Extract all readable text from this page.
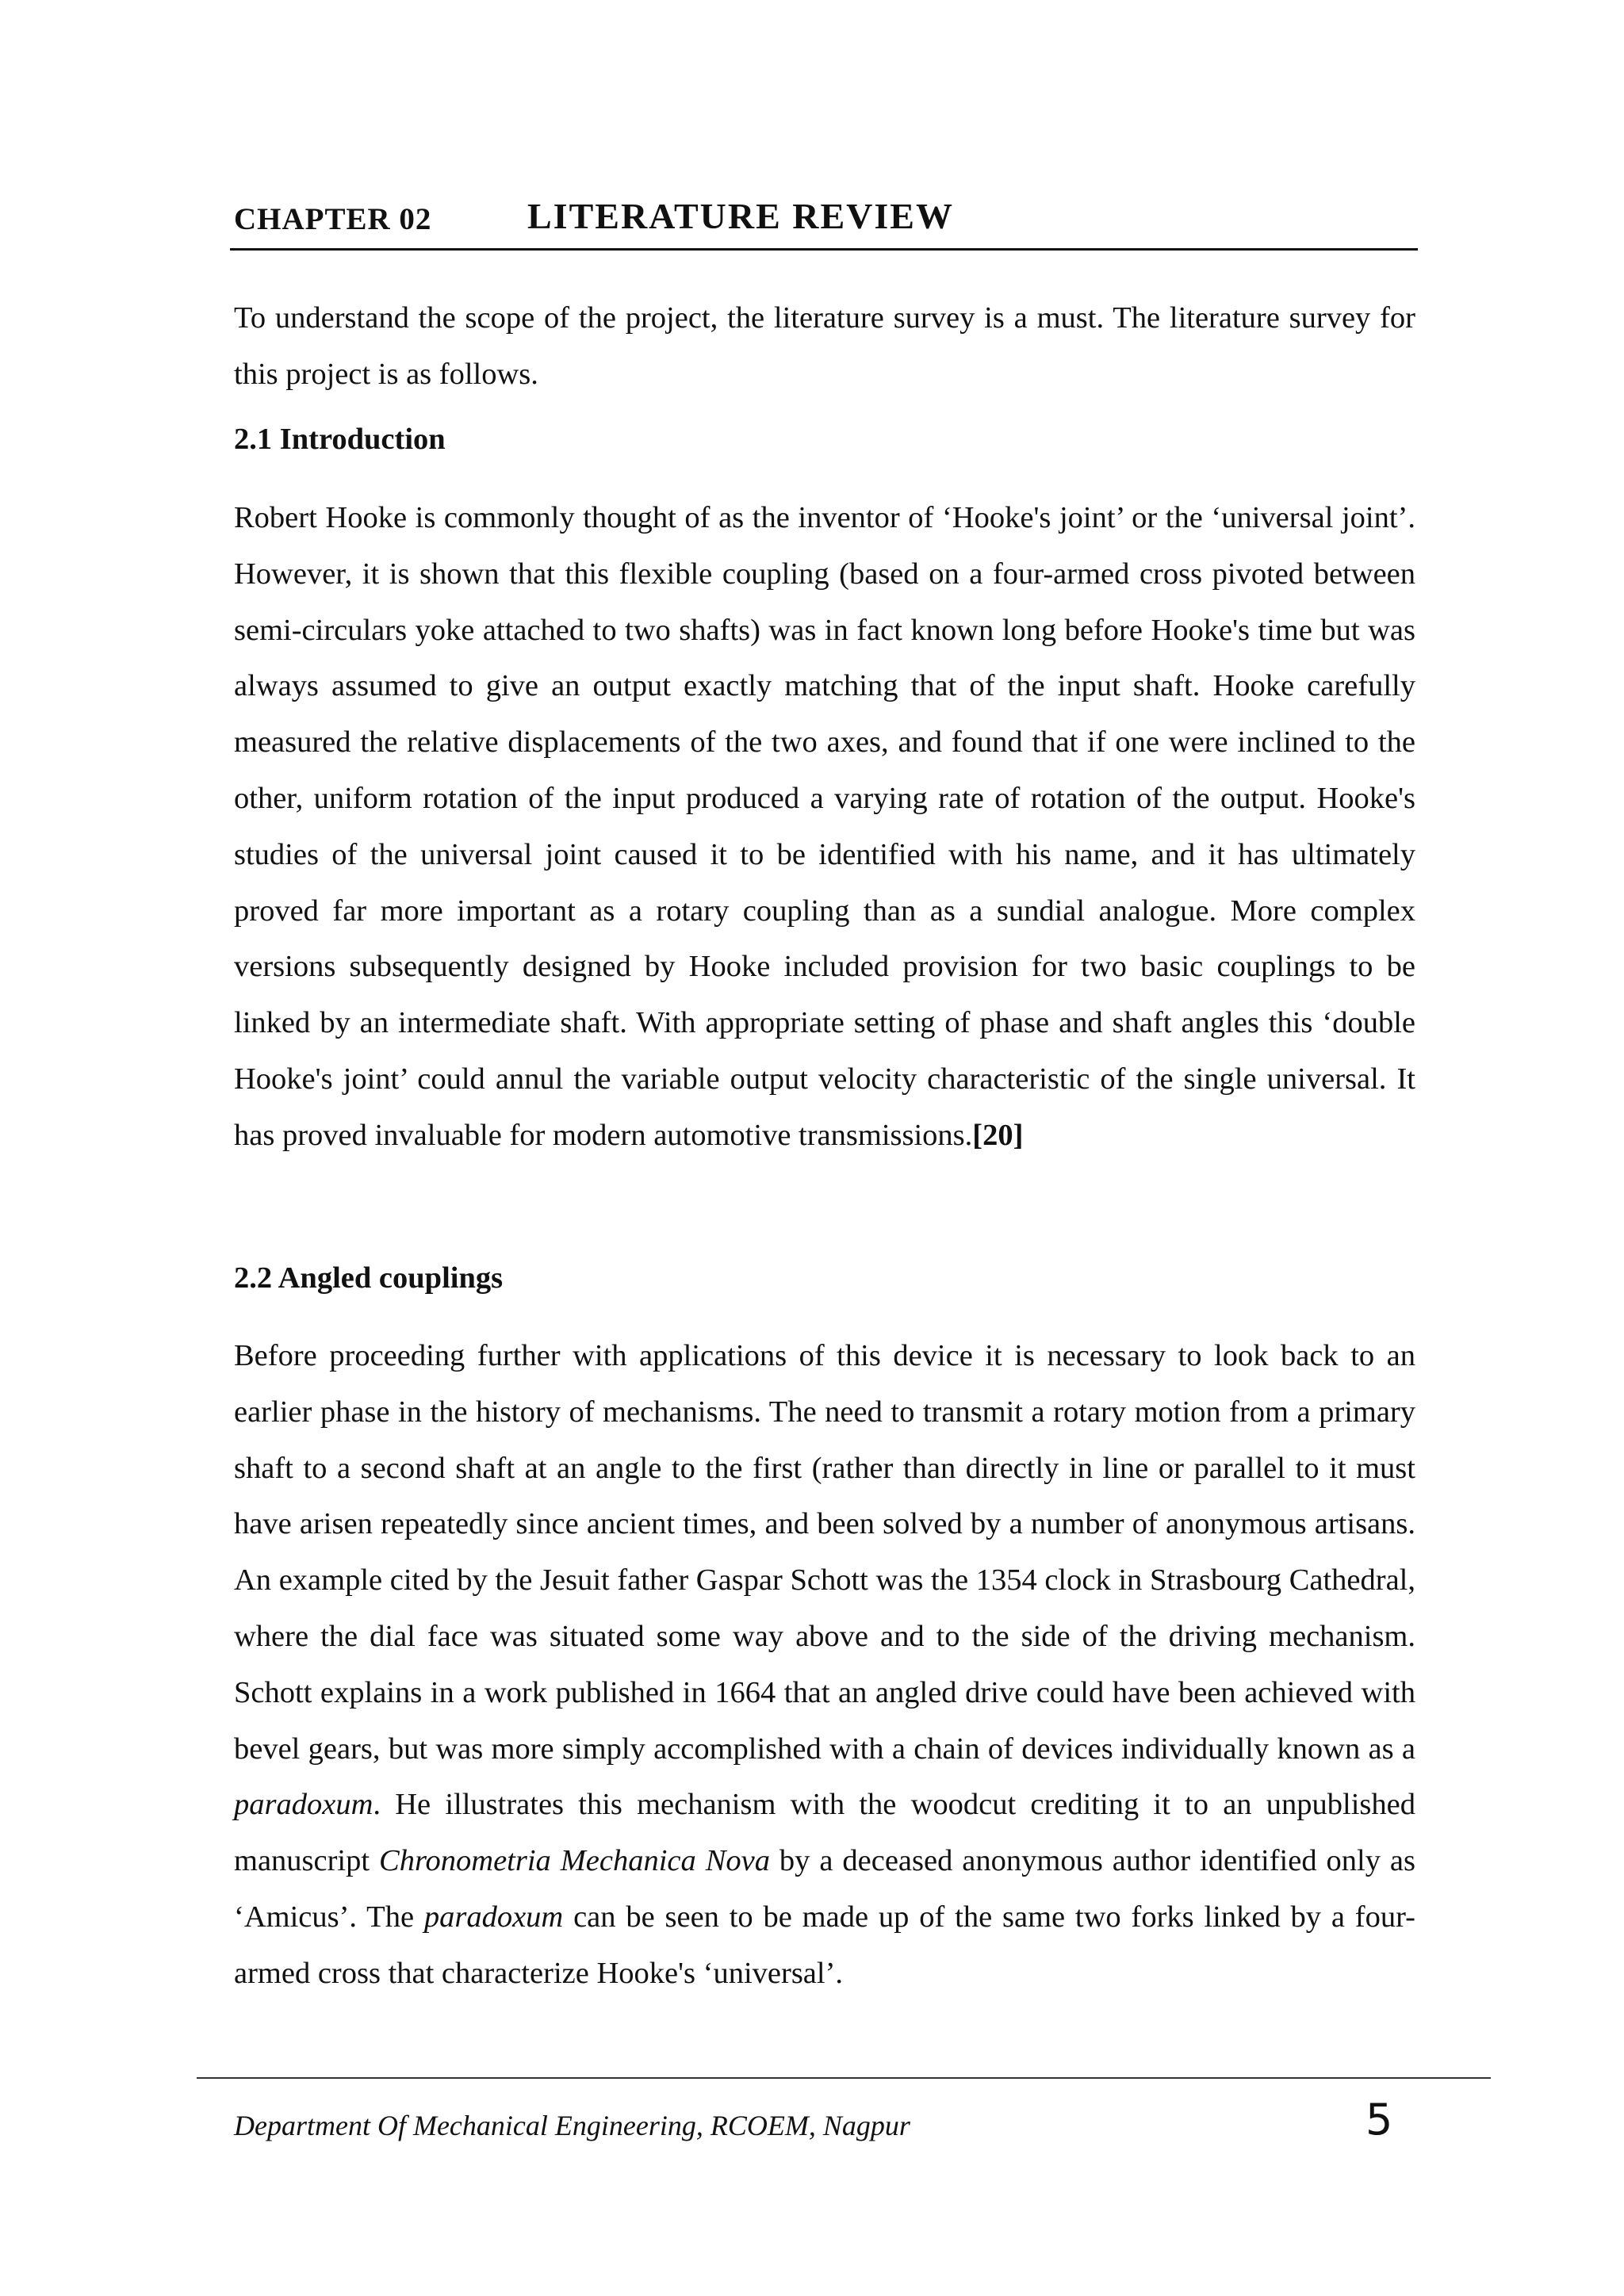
CHAPTER 02	LITERATURE REVIEW

To understand the scope of the project, the literature survey is a must. The literature survey for this project is as follows.

2.1 Introduction

Robert Hooke is commonly thought of as the inventor of ‘Hooke's joint’ or the ‘universal joint’. However, it is shown that this flexible coupling (based on a four-armed cross pivoted between semi-circulars yoke attached to two shafts) was in fact known long before Hooke's time but was always assumed to give an output exactly matching that of the input shaft. Hooke carefully measured the relative displacements of the two axes, and found that if one were inclined to the other, uniform rotation of the input produced a varying rate of rotation of the output. Hooke's studies of the universal joint caused it to be identified with his name, and it has ultimately proved far more important as a rotary coupling than as a sundial analogue. More complex versions subsequently designed by Hooke included provision for two basic couplings to be linked by an intermediate shaft. With appropriate setting of phase and shaft angles this ‘double Hooke's joint’ could annul the variable output velocity characteristic of the single universal. It has proved invaluable for modern automotive transmissions.[20]

2.2 Angled couplings

Before proceeding further with applications of this device it is necessary to look back to an earlier phase in the history of mechanisms. The need to transmit a rotary motion from a primary shaft to a second shaft at an angle to the first (rather than directly in line or parallel to it must have arisen repeatedly since ancient times, and been solved by a number of anonymous artisans. An example cited by the Jesuit father Gaspar Schott was the 1354 clock in Strasbourg Cathedral, where the dial face was situated some way above and to the side of the driving mechanism. Schott explains in a work published in 1664 that an angled drive could have been achieved with bevel gears, but was more simply accomplished with a chain of devices individually known as a paradoxum. He illustrates this mechanism with the woodcut crediting it to an unpublished manuscript Chronometria Mechanica Nova by a deceased anonymous author identified only as ‘Amicus’. The paradoxum can be seen to be made up of the same two forks linked by a four-armed cross that characterize Hooke's ‘universal’.

Department Of Mechanical Engineering, RCOEM, Nagpur	5
